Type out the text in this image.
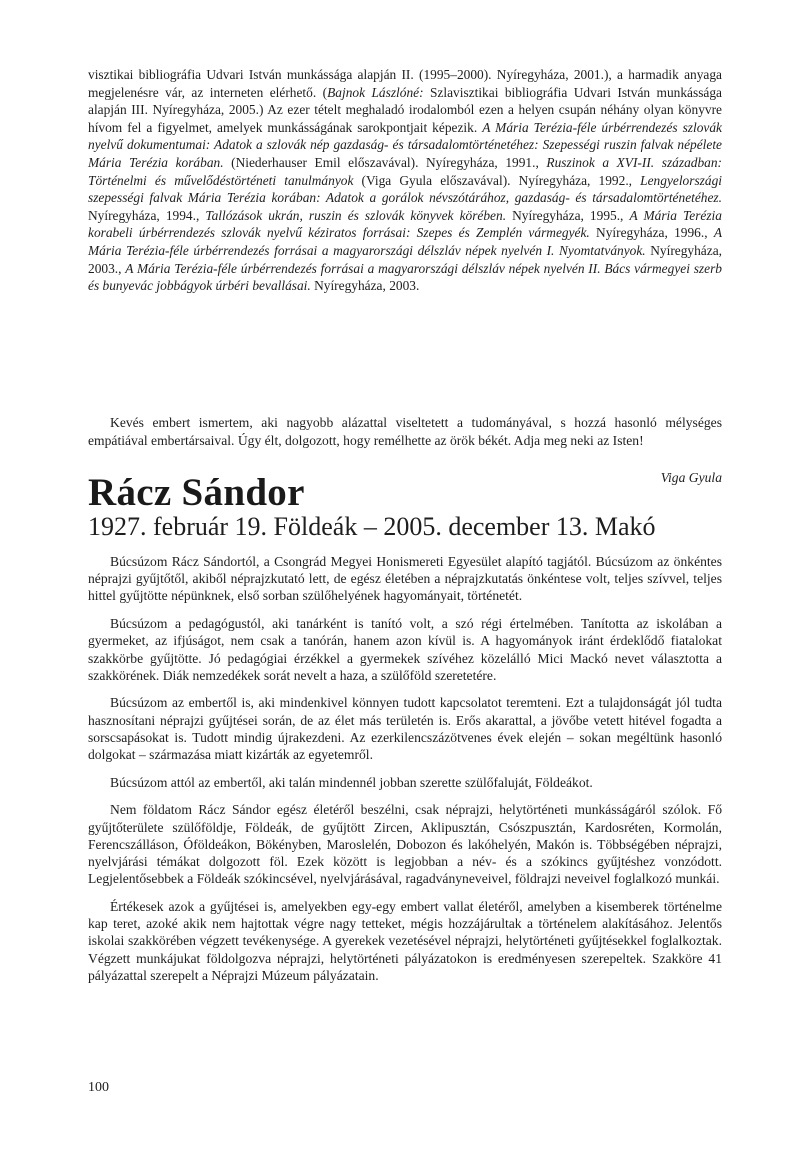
visztikai bibliográfia Udvari István munkássága alapján II. (1995–2000). Nyíregyháza, 2001.), a harmadik anyaga megjelenésre vár, az interneten elérhető. (Bajnok Lászlóné: Szlavisztikai bibliográfia Udvari István munkássága alapján III. Nyíregyháza, 2005.) Az ezer tételt meghaladó irodalomból ezen a helyen csupán néhány olyan könyvre hívom fel a figyelmet, amelyek munkásságának sarokpontjait képezik. A Mária Terézia-féle úrbérrendezés szlovák nyelvű dokumentumai: Adatok a szlovák nép gazdaság- és társadalomtörténetéhez: Szepességi ruszin falvak népélete Mária Terézia korában. (Niederhauser Emil előszavával). Nyíregyháza, 1991., Ruszinok a XVI-II. században: Történelmi és művelődéstörténeti tanulmányok (Viga Gyula előszavával). Nyíregyháza, 1992., Lengyelországi szepességi falvak Mária Terézia korában: Adatok a gorálok névszótárához, gazdaság- és társadalomtörténetéhez. Nyíregyháza, 1994., Tallózások ukrán, ruszin és szlovák könyvek körében. Nyíregyháza, 1995., A Mária Terézia korabeli úrbérrendezés szlovák nyelvű kéziratos forrásai: Szepes és Zemplén vármegyék. Nyíregyháza, 1996., A Mária Terézia-féle úrbérrendezés forrásai a magyarországi délszláv népek nyelvén I. Nyomtatványok. Nyíregyháza, 2003., A Mária Terézia-féle úrbérrendezés forrásai a magyarországi délszláv népek nyelvén II. Bács vármegyei szerb és bunyevác jobbágyok úrbéri bevallásai. Nyíregyháza, 2003.

Kevés embert ismertem, aki nagyobb alázattal viseltetett a tudományával, s hozzá hasonló mélységes empátiával embertársaival. Úgy élt, dolgozott, hogy remélhette az örök békét. Adja meg neki az Isten!

Viga Gyula

Rácz Sándor
1927. február 19. Földeák – 2005. december 13. Makó

Búcsúzom Rácz Sándortól, a Csongrád Megyei Honismereti Egyesület alapító tagjától. Búcsúzom az önkéntes néprajzi gyűjtőtől, akiből néprajzkutató lett, de egész életében a néprajzkutatás önkéntese volt, teljes szívvel, teljes hittel gyűjtötte népünknek, első sorban szülőhelyének hagyományait, történetét.

Búcsúzom a pedagógustól, aki tanárként is tanító volt, a szó régi értelmében. Tanította az iskolában a gyermeket, az ifjúságot, nem csak a tanórán, hanem azon kívül is. A hagyományok iránt érdeklődő fiatalokat szakkörbe gyűjtötte. Jó pedagógiai érzékkel a gyermekek szívéhez közelálló Mici Mackó nevet választotta a szakkörének. Diák nemzedékek sorát nevelt a haza, a szülőföld szeretetére.

Búcsúzom az embertől is, aki mindenkivel könnyen tudott kapcsolatot teremteni. Ezt a tulajdonságát jól tudta hasznosítani néprajzi gyűjtései során, de az élet más területén is. Erős akarattal, a jövőbe vetett hitével fogadta a sorscsapásokat is. Tudott mindig újrakezdeni. Az ezerkilencszázötvenes évek elején – sokan megéltünk hasonló dolgokat – származása miatt kizárták az egyetemről.

Búcsúzom attól az embertől, aki talán mindennél jobban szerette szülőfaluját, Földeákot.

Nem földatom Rácz Sándor egész életéről beszélni, csak néprajzi, helytörténeti munkásságáról szólok. Fő gyűjtőterülete szülőföldje, Földeák, de gyűjtött Zircen, Aklipusztán, Csószpusztán, Kardosréten, Kormolán, Ferencszálláson, Óföldeákon, Bökényben, Maroslelén, Dobozon és lakóhelyén, Makón is. Többségében néprajzi, nyelvjárási témákat dolgozott föl. Ezek között is legjobban a név- és a szókincs gyűjtéshez vonzódott. Legjelentősebbek a Földeák szókincsével, nyelvjárásával, ragadványneveivel, földrajzi neveivel foglalkozó munkái.

Értékesek azok a gyűjtései is, amelyekben egy-egy embert vallat életéről, amelyben a kisemberek történelme kap teret, azoké akik nem hajtottak végre nagy tetteket, mégis hozzájárultak a történelem alakításához. Jelentős iskolai szakkörében végzett tevékenysége. A gyerekek vezetésével néprajzi, helytörténeti gyűjtésekkel foglalkoztak. Végzett munkájukat földolgozva néprajzi, helytörténeti pályázatokon is eredményesen szerepeltek. Szakköre 41 pályázattal szerepelt a Néprajzi Múzeum pályázatain.

100
